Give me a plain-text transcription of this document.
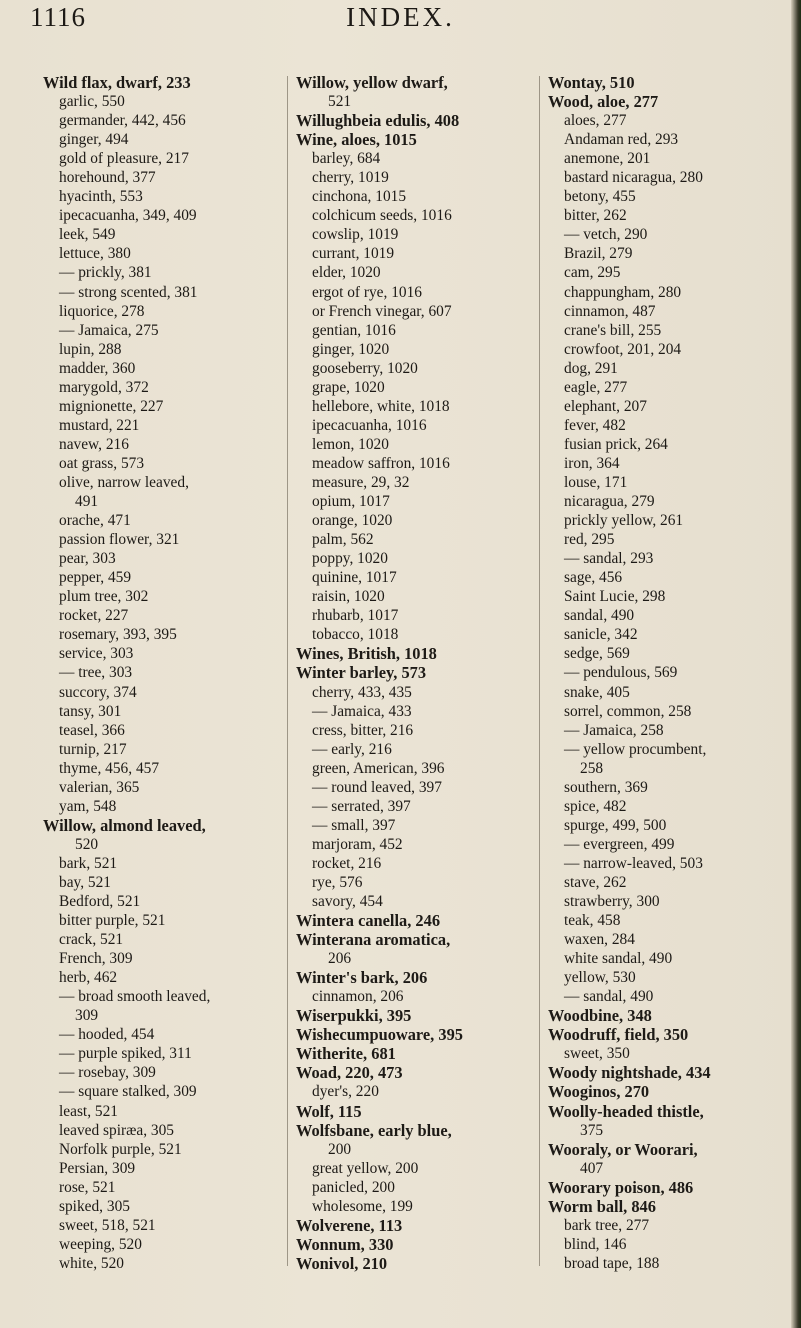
1116	INDEX.
Wild flax, dwarf, 233
garlic, 550
germander, 442, 456
ginger, 494
gold of pleasure, 217
horehound, 377
hyacinth, 553
ipecacuanha, 349, 409
leek, 549
lettuce, 380
— prickly, 381
— strong scented, 381
liquorice, 278
— Jamaica, 275
lupin, 288
madder, 360
marygold, 372
mignionette, 227
mustard, 221
navew, 216
oat grass, 573
olive, narrow leaved,
491
orache, 471
passion flower, 321
pear, 303
pepper, 459
plum tree, 302
rocket, 227
rosemary, 393, 395
service, 303
— tree, 303
succory, 374
tansy, 301
teasel, 366
turnip, 217
thyme, 456, 457
valerian, 365
yam, 548
Willow, almond leaved,
520
bark, 521
bay, 521
Bedford, 521
bitter purple, 521
crack, 521
French, 309
herb, 462
— broad smooth leaved,
309
— hooded, 454
— purple spiked, 311
— rosebay, 309
— square stalked, 309
least, 521
leaved spiræa, 305
Norfolk purple, 521
Persian, 309
rose, 521
spiked, 305
sweet, 518, 521
weeping, 520
white, 520
Willow, yellow dwarf,
521
Willughbeia edulis, 408
Wine, aloes, 1015
barley, 684
cherry, 1019
cinchona, 1015
colchicum seeds, 1016
cowslip, 1019
currant, 1019
elder, 1020
ergot of rye, 1016
or French vinegar, 607
gentian, 1016
ginger, 1020
gooseberry, 1020
grape, 1020
hellebore, white, 1018
ipecacuanha, 1016
lemon, 1020
meadow saffron, 1016
measure, 29, 32
opium, 1017
orange, 1020
palm, 562
poppy, 1020
quinine, 1017
raisin, 1020
rhubarb, 1017
tobacco, 1018
Wines, British, 1018
Winter barley, 573
cherry, 433, 435
— Jamaica, 433
cress, bitter, 216
— early, 216
green, American, 396
— round leaved, 397
— serrated, 397
— small, 397
marjoram, 452
rocket, 216
rye, 576
savory, 454
Wintera canella, 246
Winterana aromatica,
206
Winter's bark, 206
cinnamon, 206
Wiserpukki, 395
Wishecumpuoware, 395
Witherite, 681
Woad, 220, 473
dyer's, 220
Wolf, 115
Wolfsbane, early blue,
200
great yellow, 200
panicled, 200
wholesome, 199
Wolverene, 113
Wonnum, 330
Wonivol, 210
Wontay, 510
Wood, aloe, 277
aloes, 277
Andaman red, 293
anemone, 201
bastard nicaragua, 280
betony, 455
bitter, 262
— vetch, 290
Brazil, 279
cam, 295
chappungham, 280
cinnamon, 487
crane's bill, 255
crowfoot, 201, 204
dog, 291
eagle, 277
elephant, 207
fever, 482
fusian prick, 264
iron, 364
louse, 171
nicaragua, 279
prickly yellow, 261
red, 295
— sandal, 293
sage, 456
Saint Lucie, 298
sandal, 490
sanicle, 342
sedge, 569
— pendulous, 569
snake, 405
sorrel, common, 258
— Jamaica, 258
— yellow procumbent,
258
southern, 369
spice, 482
spurge, 499, 500
— evergreen, 499
— narrow-leaved, 503
stave, 262
strawberry, 300
teak, 458
waxen, 284
white sandal, 490
yellow, 530
— sandal, 490
Woodbine, 348
Woodruff, field, 350
sweet, 350
Woody nightshade, 434
Wooginos, 270
Woolly-headed thistle,
375
Wooraly, or Woorari,
407
Woorary poison, 486
Worm ball, 846
bark tree, 277
blind, 146
broad tape, 188
